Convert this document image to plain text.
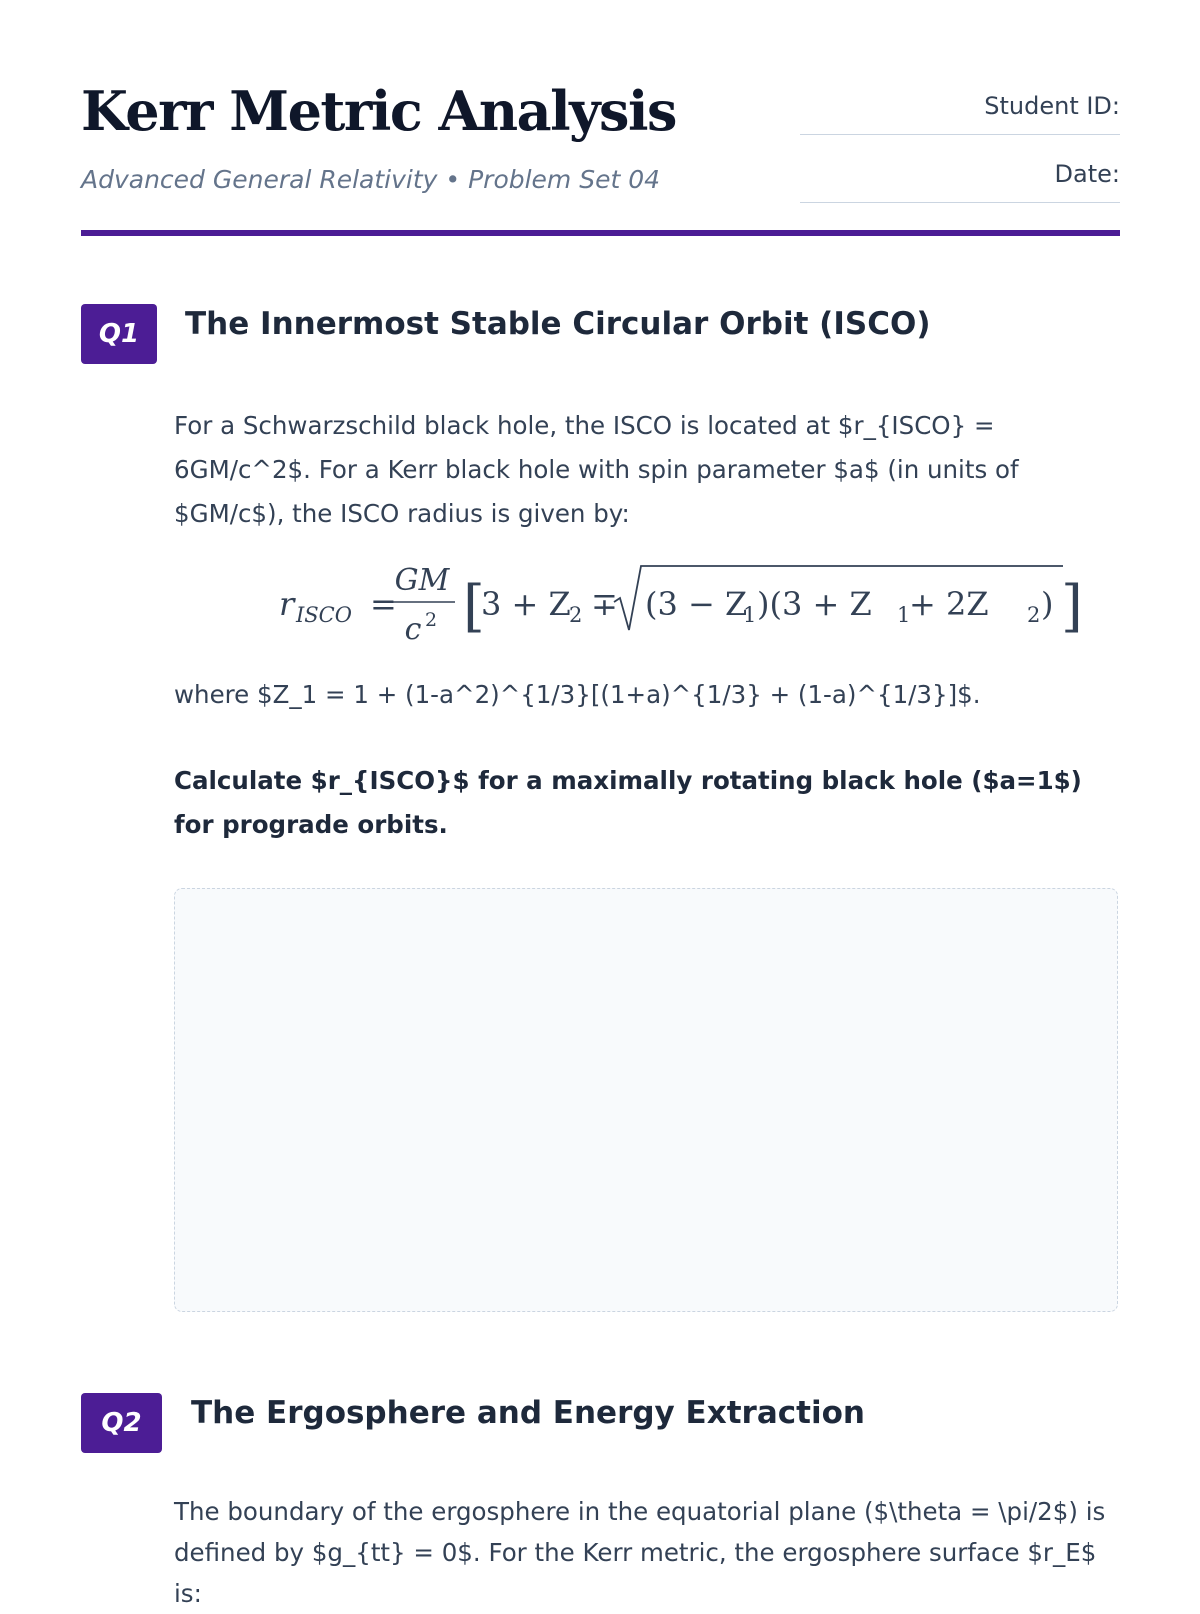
Kerr Metric Analysis
Advanced General Relativity • Problem Set 04
Student ID:
Date:
Q1	The Innermost Stable Circular Orbit (ISCO)

For a Schwarzschild black hole, the ISCO is located at $r_{ISCO} = 6GM/c^2$. For a Kerr black hole with spin parameter $a$ (in units of $GM/c$), the ISCO radius is given by:

r ISCO =
GM
c 2 [
3 + Z
2 ∓ (3 − Z
1 )(3 + Z 1
+ 2Z 2 ) ]

where $Z_1 = 1 + (1-a^2)^{1/3}[(1+a)^{1/3} + (1-a)^{1/3}]$.

Calculate $r_{ISCO}$ for a maximally rotating black hole ($a=1$) for prograde orbits.

Q2	The Ergosphere and Energy Extraction

The boundary of the ergosphere in the equatorial plane ($\theta = \pi/2$) is defined by $g_{tt} = 0$. For the Kerr metric, the ergosphere surface $r_E$ is:
